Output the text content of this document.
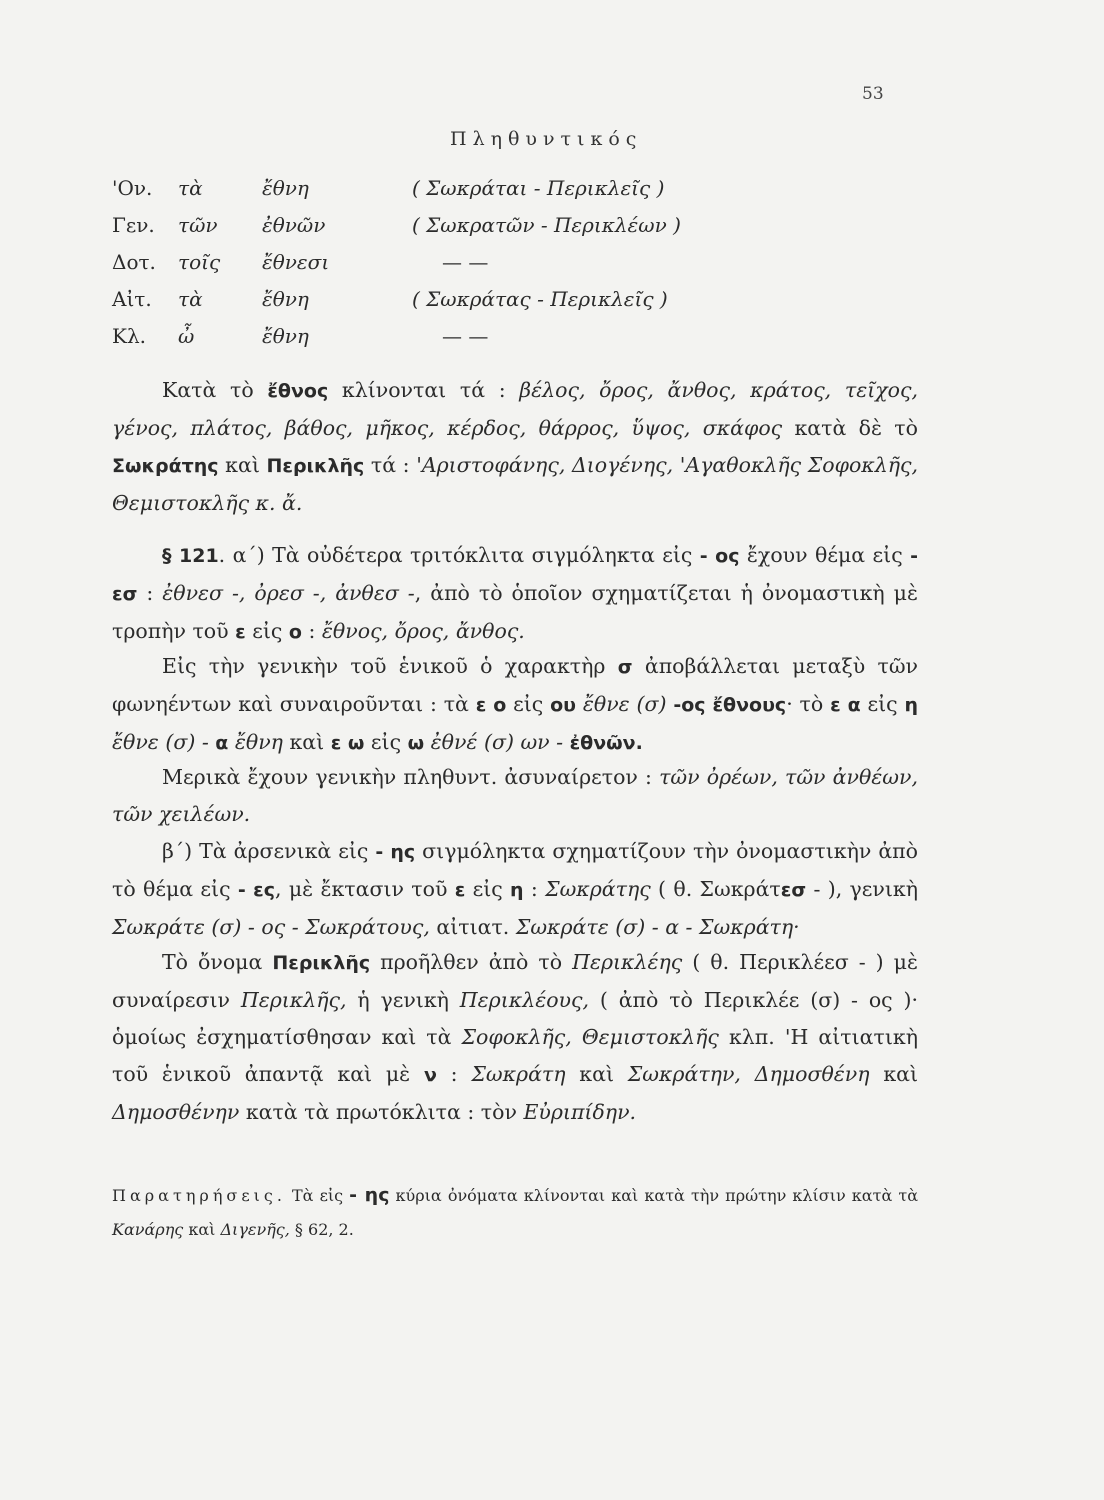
53
Πληθυντικός
'Ον. τὰ	ἔθνη	( Σωκράται - Περικλεῖς )
Γεν. τῶν ἐθνῶν	( Σωκρατῶν - Περικλέων )
Δοτ. τοῖς ἔθνεσι	— —
Αἰτ. τὰ	ἔθνη	( Σωκράτας - Περικλεῖς )
Κλ. ὦ	ἔθνη	— —

Κατὰ τὸ ἔθνος κλίνονται τά : βέλος, ὄρος, ἄνθος, κράτος, τεῖχος, γένος, πλάτος, βάθος, μῆκος, κέρδος, θάρρος, ὕψος, σκάφος κατὰ δὲ τὸ Σωκράτης καὶ Περικλῆς τά : 'Αριστοφάνης, Διογένης, 'Αγαθοκλῆς Σοφοκλῆς, Θεμιστοκλῆς κ. ἄ.

§ 121. α΄) Τὰ οὐδέτερα τριτόκλιτα σιγμόληκτα εἰς - ος ἔχουν θέμα εἰς - εσ : ἐθνεσ -, ὀρεσ -, ἀνθεσ -, ἀπὸ τὸ ὁποῖον σχηματίζεται ἡ ὀνομαστικὴ μὲ τροπὴν τοῦ ε εἰς ο : ἔθνος, ὄρος, ἄνθος.

Εἰς τὴν γενικὴν τοῦ ἑνικοῦ ὁ χαρακτὴρ σ ἀποβάλλεται μεταξὺ τῶν φωνηέντων καὶ συναιροῦνται : τὰ ε ο εἰς ου ἔθνε (σ) -ος ἔθνους· τὸ ε α εἰς η ἔθνε (σ) - α ἔθνη καὶ ε ω εἰς ω ἐθνέ (σ) ων - ἐθνῶν.

Μερικὰ ἔχουν γενικὴν πληθυντ. ἀσυναίρετον : τῶν ὀρέων, τῶν ἀνθέων, τῶν χειλέων.

β΄) Τὰ ἀρσενικὰ εἰς - ης σιγμόληκτα σχηματίζουν τὴν ὀνομαστικὴν ἀπὸ τὸ θέμα εἰς - ες, μὲ ἔκτασιν τοῦ ε εἰς η : Σωκράτης ( θ. Σωκράτεσ - ), γενικὴ Σωκράτε (σ) - ος - Σωκράτους, αἰτιατ. Σωκράτε (σ) - α - Σωκράτη·

Τὸ ὄνομα Περικλῆς προῆλθεν ἀπὸ τὸ Περικλέης ( θ. Περικλέεσ - ) μὲ συναίρεσιν Περικλῆς, ἡ γενικὴ Περικλέους, ( ἀπὸ τὸ Περικλέε (σ) - ος )· ὁμοίως ἐσχηματίσθησαν καὶ τὰ Σοφοκλῆς, Θεμιστοκλῆς κλπ. 'Η αἰτιατικὴ τοῦ ἑνικοῦ ἀπαντᾷ καὶ μὲ ν : Σωκράτη καὶ Σωκράτην, Δημοσθένη καὶ Δημοσθένην κατὰ τὰ πρωτόκλιτα : τὸν Εὐριπίδην.

Παρατηρήσεις. Τὰ εἰς - ης κύρια ὀνόματα κλίνονται καὶ κατὰ τὴν πρώτην κλίσιν κατὰ τὰ Κανάρης καὶ Διγενῆς, § 62, 2.
